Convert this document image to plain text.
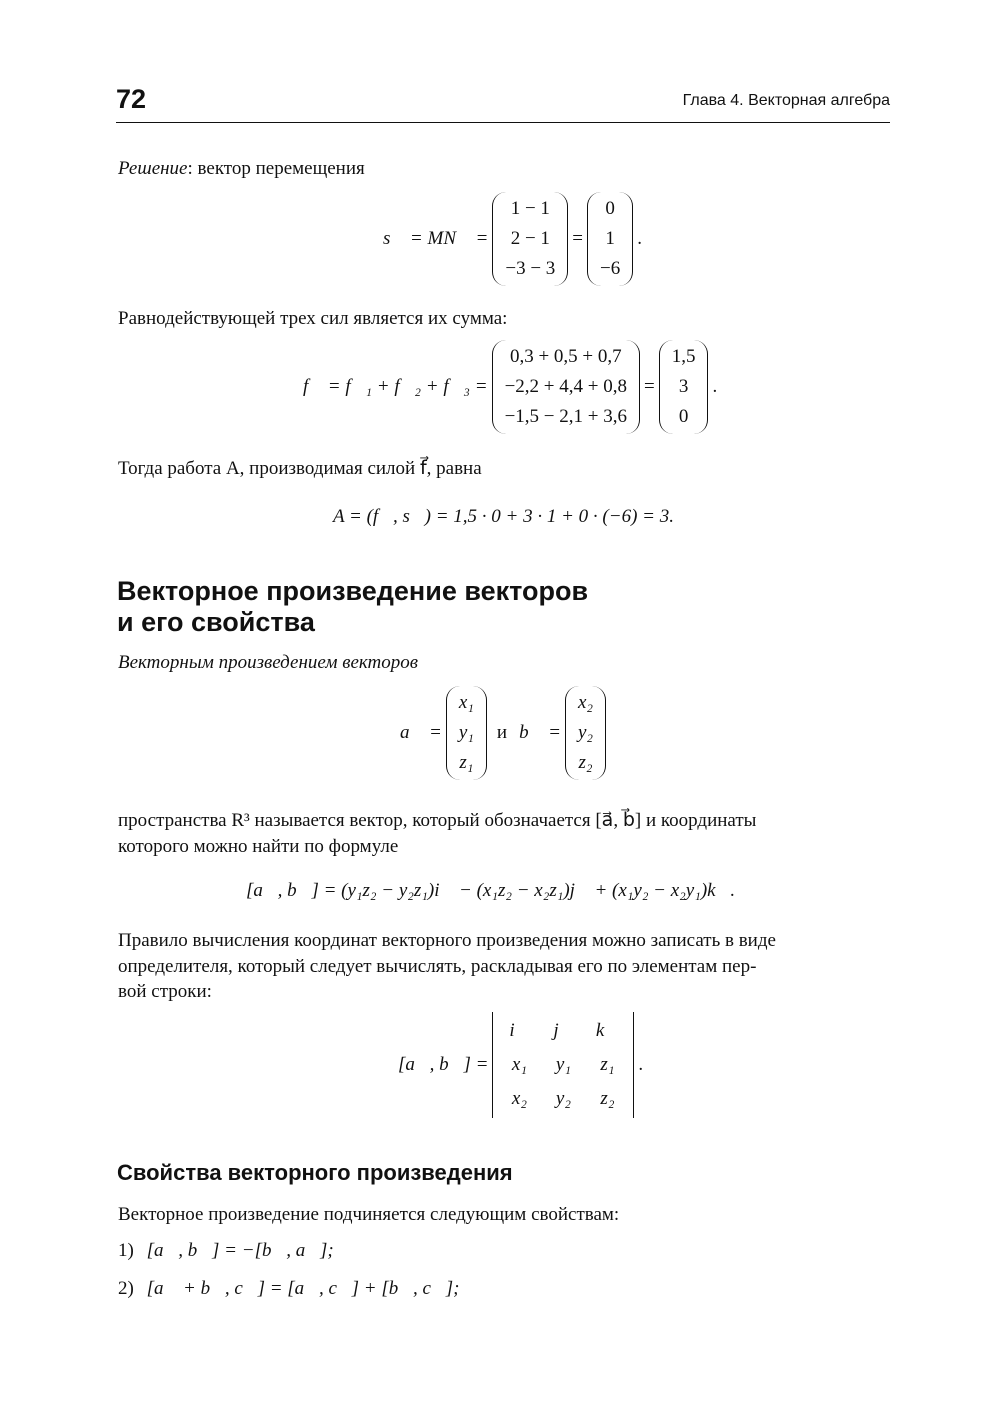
72	Глава 4. Векторная алгебра
Решение: вектор перемещения
s⃗ = MN⃗ =
1 − 1
2 − 1
−3 − 3
=
0
1
−6
.
Равнодействующей трех сил является их сумма:
f⃗ = f⃗₁ + f⃗₂ + f⃗₃ =
0,3 + 0,5 + 0,7
−2,2 + 4,4 + 0,8
−1,5 − 2,1 + 3,6
=
1,5
3
0
.
Тогда работа A, производимая силой f⃗, равна
A = (f⃗, s⃗) = 1,5 · 0 + 3 · 1 + 0 · (−6) = 3.
Векторное произведение векторов
и его свойства
Векторным произведением векторов
a⃗ =
x₁
y₁
z₁
и b⃗ =
x₂
y₂
z₂
пространства R³ называется вектор, который обозначается [a⃗, b⃗] и координаты
которого можно найти по формуле
[a⃗, b⃗] = (y₁z₂ − y₂z₁)i⃗ − (x₁z₂ − x₂z₁)j⃗ + (x₁y₂ − x₂y₁)k⃗.
Правило вычисления координат векторного произведения можно записать в виде
определителя, который следует вычислять, раскладывая его по элементам пер-
вой строки:
[a⃗, b⃗] =
i⃗	j⃗	k⃗
x₁	y₁	z₁
x₂	y₂	z₂
.
Свойства векторного произведения
Векторное произведение подчиняется следующим свойствам:
1) [a⃗, b⃗] = −[b⃗, a⃗];
2) [a⃗ + b⃗, c⃗] = [a⃗, c⃗] + [b⃗, c⃗];
